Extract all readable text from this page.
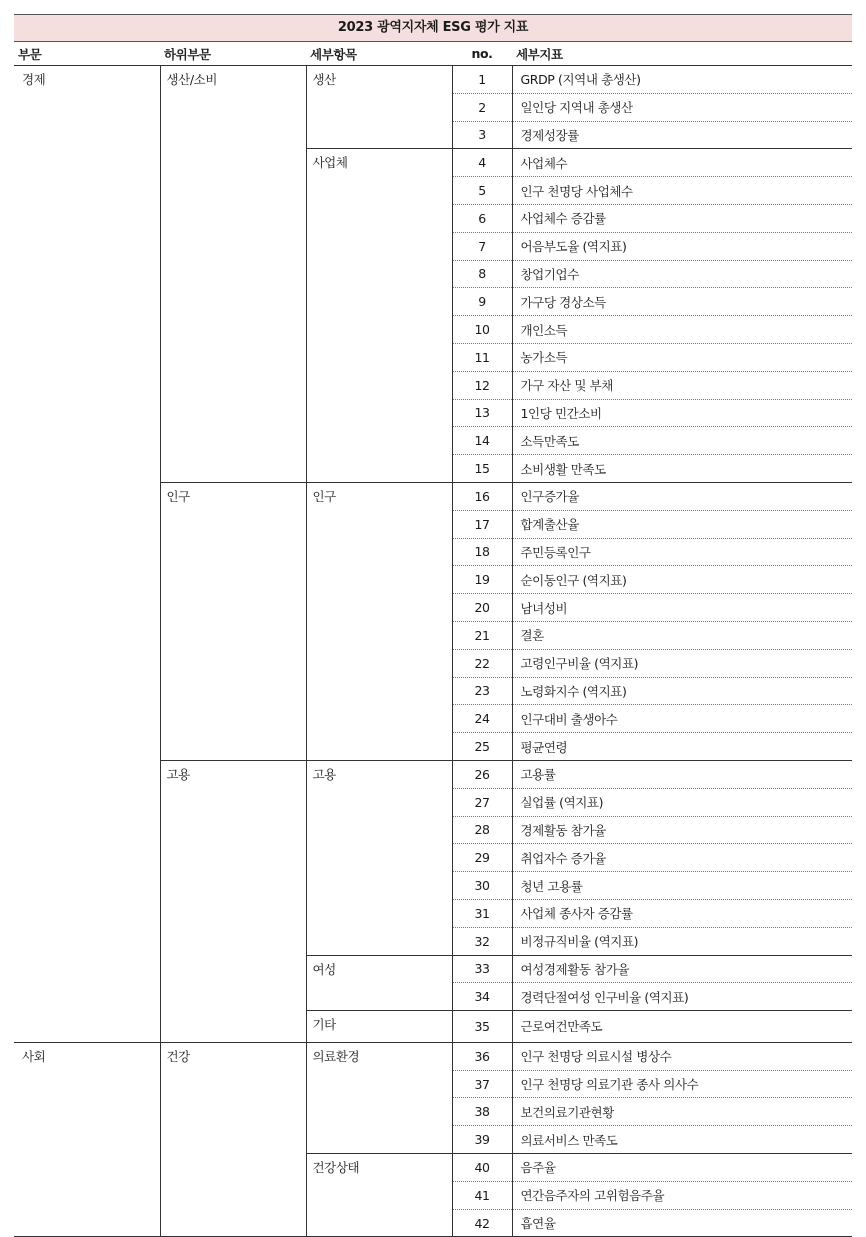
2023 광역지자체 ESG 평가 지표
부문	하위부문	세부항목	no.	세부지표
경제	생산/소비	생산	1	GRDP (지역내 총생산)
			2	일인당 지역내 총생산
			3	경제성장률
		사업체	4	사업체수
			5	인구 천명당 사업체수
			6	사업체수 증감률
			7	어음부도율 (역지표)
			8	창업기업수
			9	가구당 경상소득
			10	개인소득
			11	농가소득
			12	가구 자산 및 부채
			13	1인당 민간소비
			14	소득만족도
			15	소비생활 만족도
	인구	인구	16	인구증가율
			17	합계출산율
			18	주민등록인구
			19	순이동인구 (역지표)
			20	남녀성비
			21	결혼
			22	고령인구비율 (역지표)
			23	노령화지수 (역지표)
			24	인구대비 출생아수
			25	평균연령
	고용	고용	26	고용률
			27	실업률 (역지표)
			28	경제활동 참가율
			29	취업자수 증가율
			30	청년 고용률
			31	사업체 종사자 증감률
			32	비정규직비율 (역지표)
		여성	33	여성경제활동 참가율
			34	경력단절여성 인구비율 (역지표)
		기타	35	근로여건만족도
사회	건강	의료환경	36	인구 천명당 의료시설 병상수
			37	인구 천명당 의료기관 종사 의사수
			38	보건의료기관현황
			39	의료서비스 만족도
		건강상태	40	음주율
			41	연간음주자의 고위험음주율
			42	흡연율
